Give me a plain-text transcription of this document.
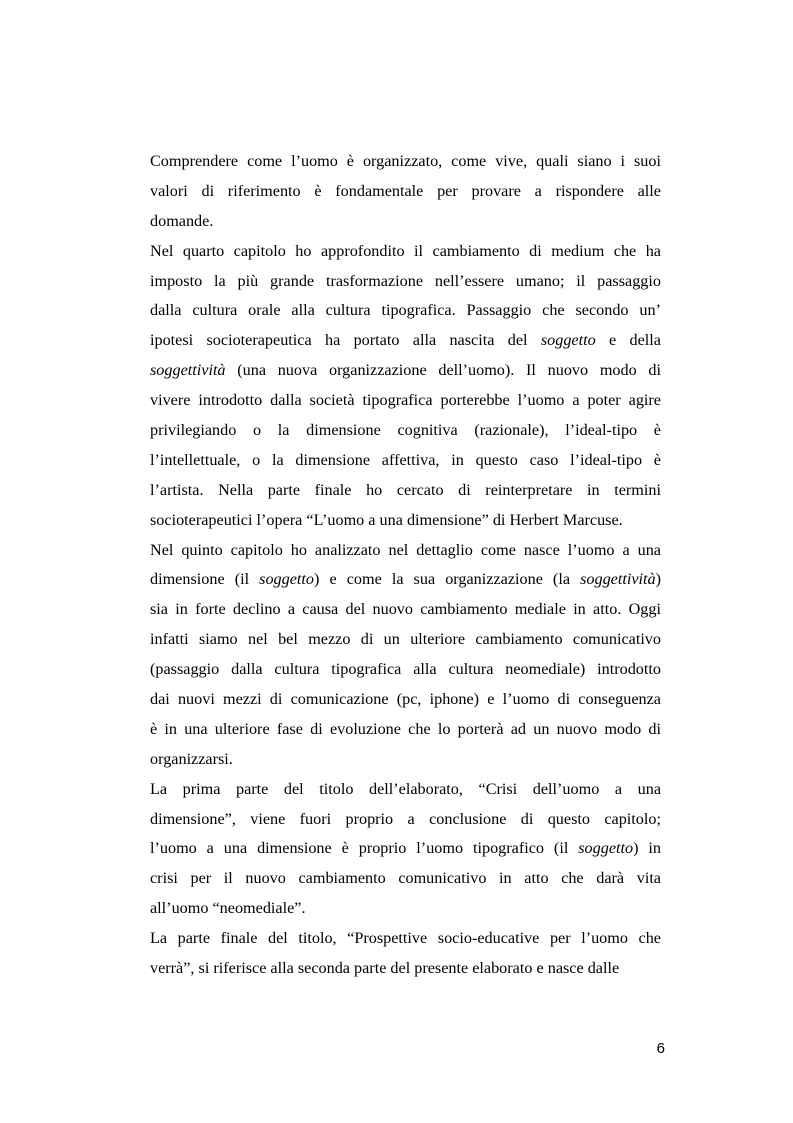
Comprendere come l’uomo è organizzato, come vive, quali siano i suoi
valori di riferimento è fondamentale per provare a rispondere alle
domande.
Nel quarto capitolo ho approfondito il cambiamento di medium che ha
imposto la più grande trasformazione nell’essere umano; il passaggio
dalla cultura orale alla cultura tipografica. Passaggio che secondo un’
ipotesi socioterapeutica ha portato alla nascita del soggetto e della
soggettività (una nuova organizzazione dell’uomo). Il nuovo modo di
vivere introdotto dalla società tipografica porterebbe l’uomo a poter agire
privilegiando o la dimensione cognitiva (razionale), l’ideal-tipo è
l’intellettuale, o la dimensione affettiva, in questo caso l’ideal-tipo è
l’artista. Nella parte finale ho cercato di reinterpretare in termini
socioterapeutici l’opera “L’uomo a una dimensione” di Herbert Marcuse.
Nel quinto capitolo ho analizzato nel dettaglio come nasce l’uomo a una
dimensione (il soggetto) e come la sua organizzazione (la soggettività)
sia in forte declino a causa del nuovo cambiamento mediale in atto. Oggi
infatti siamo nel bel mezzo di un ulteriore cambiamento comunicativo
(passaggio dalla cultura tipografica alla cultura neomediale) introdotto
dai nuovi mezzi di comunicazione (pc, iphone) e l’uomo di conseguenza
è in una ulteriore fase di evoluzione che lo porterà ad un nuovo modo di
organizzarsi.
La prima parte del titolo dell’elaborato, “Crisi dell’uomo a una
dimensione”, viene fuori proprio a conclusione di questo capitolo;
l’uomo a una dimensione è proprio l’uomo tipografico (il soggetto) in
crisi per il nuovo cambiamento comunicativo in atto che darà vita
all’uomo “neomediale”.
La parte finale del titolo, “Prospettive socio-educative per l’uomo che
verrà”, si riferisce alla seconda parte del presente elaborato e nasce dalle
6
